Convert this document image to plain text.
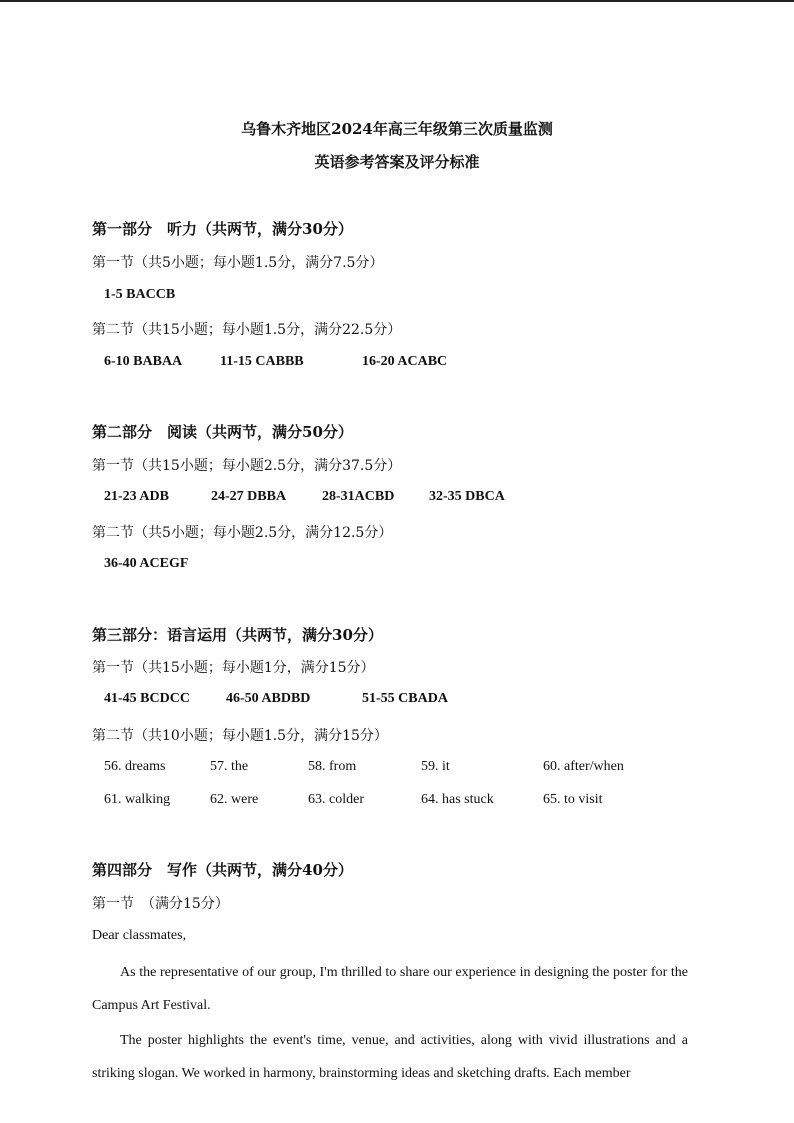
乌鲁木齐地区2024年高三年级第三次质量监测
英语参考答案及评分标准
第一部分　听力（共两节，满分30分）
第一节（共5小题；每小题1.5分，满分7.5分）
1-5 BACCB
第二节（共15小题；每小题1.5分，满分22.5分）
6-10 BABAA	11-15 CABBB	16-20 ACABC
第二部分　阅读（共两节，满分50分）
第一节（共15小题；每小题2.5分，满分37.5分）
21-23 ADB	24-27 DBBA	28-31ACBD 32-35 DBCA
第二节（共5小题；每小题2.5分，满分12.5分）
36-40 ACEGF
第三部分：语言运用（共两节，满分30分）
第一节（共15小题；每小题1分，满分15分）
41-45 BCDCC	46-50 ABDBD	51-55 CBADA
第二节（共10小题；每小题1.5分，满分15分）
56. dreams	57. the	58. from	59. it	60. after/when
61. walking	62. were	63. colder	64. has stuck	65. to visit
第四部分　写作（共两节，满分40分）
第一节　（满分15分）
Dear classmates,
As the representative of our group, I'm thrilled to share our experience in designing the poster for the Campus Art Festival.
The poster highlights the event's time, venue, and activities, along with vivid illustrations and a striking slogan. We worked in harmony, brainstorming ideas and sketching drafts. Each member
